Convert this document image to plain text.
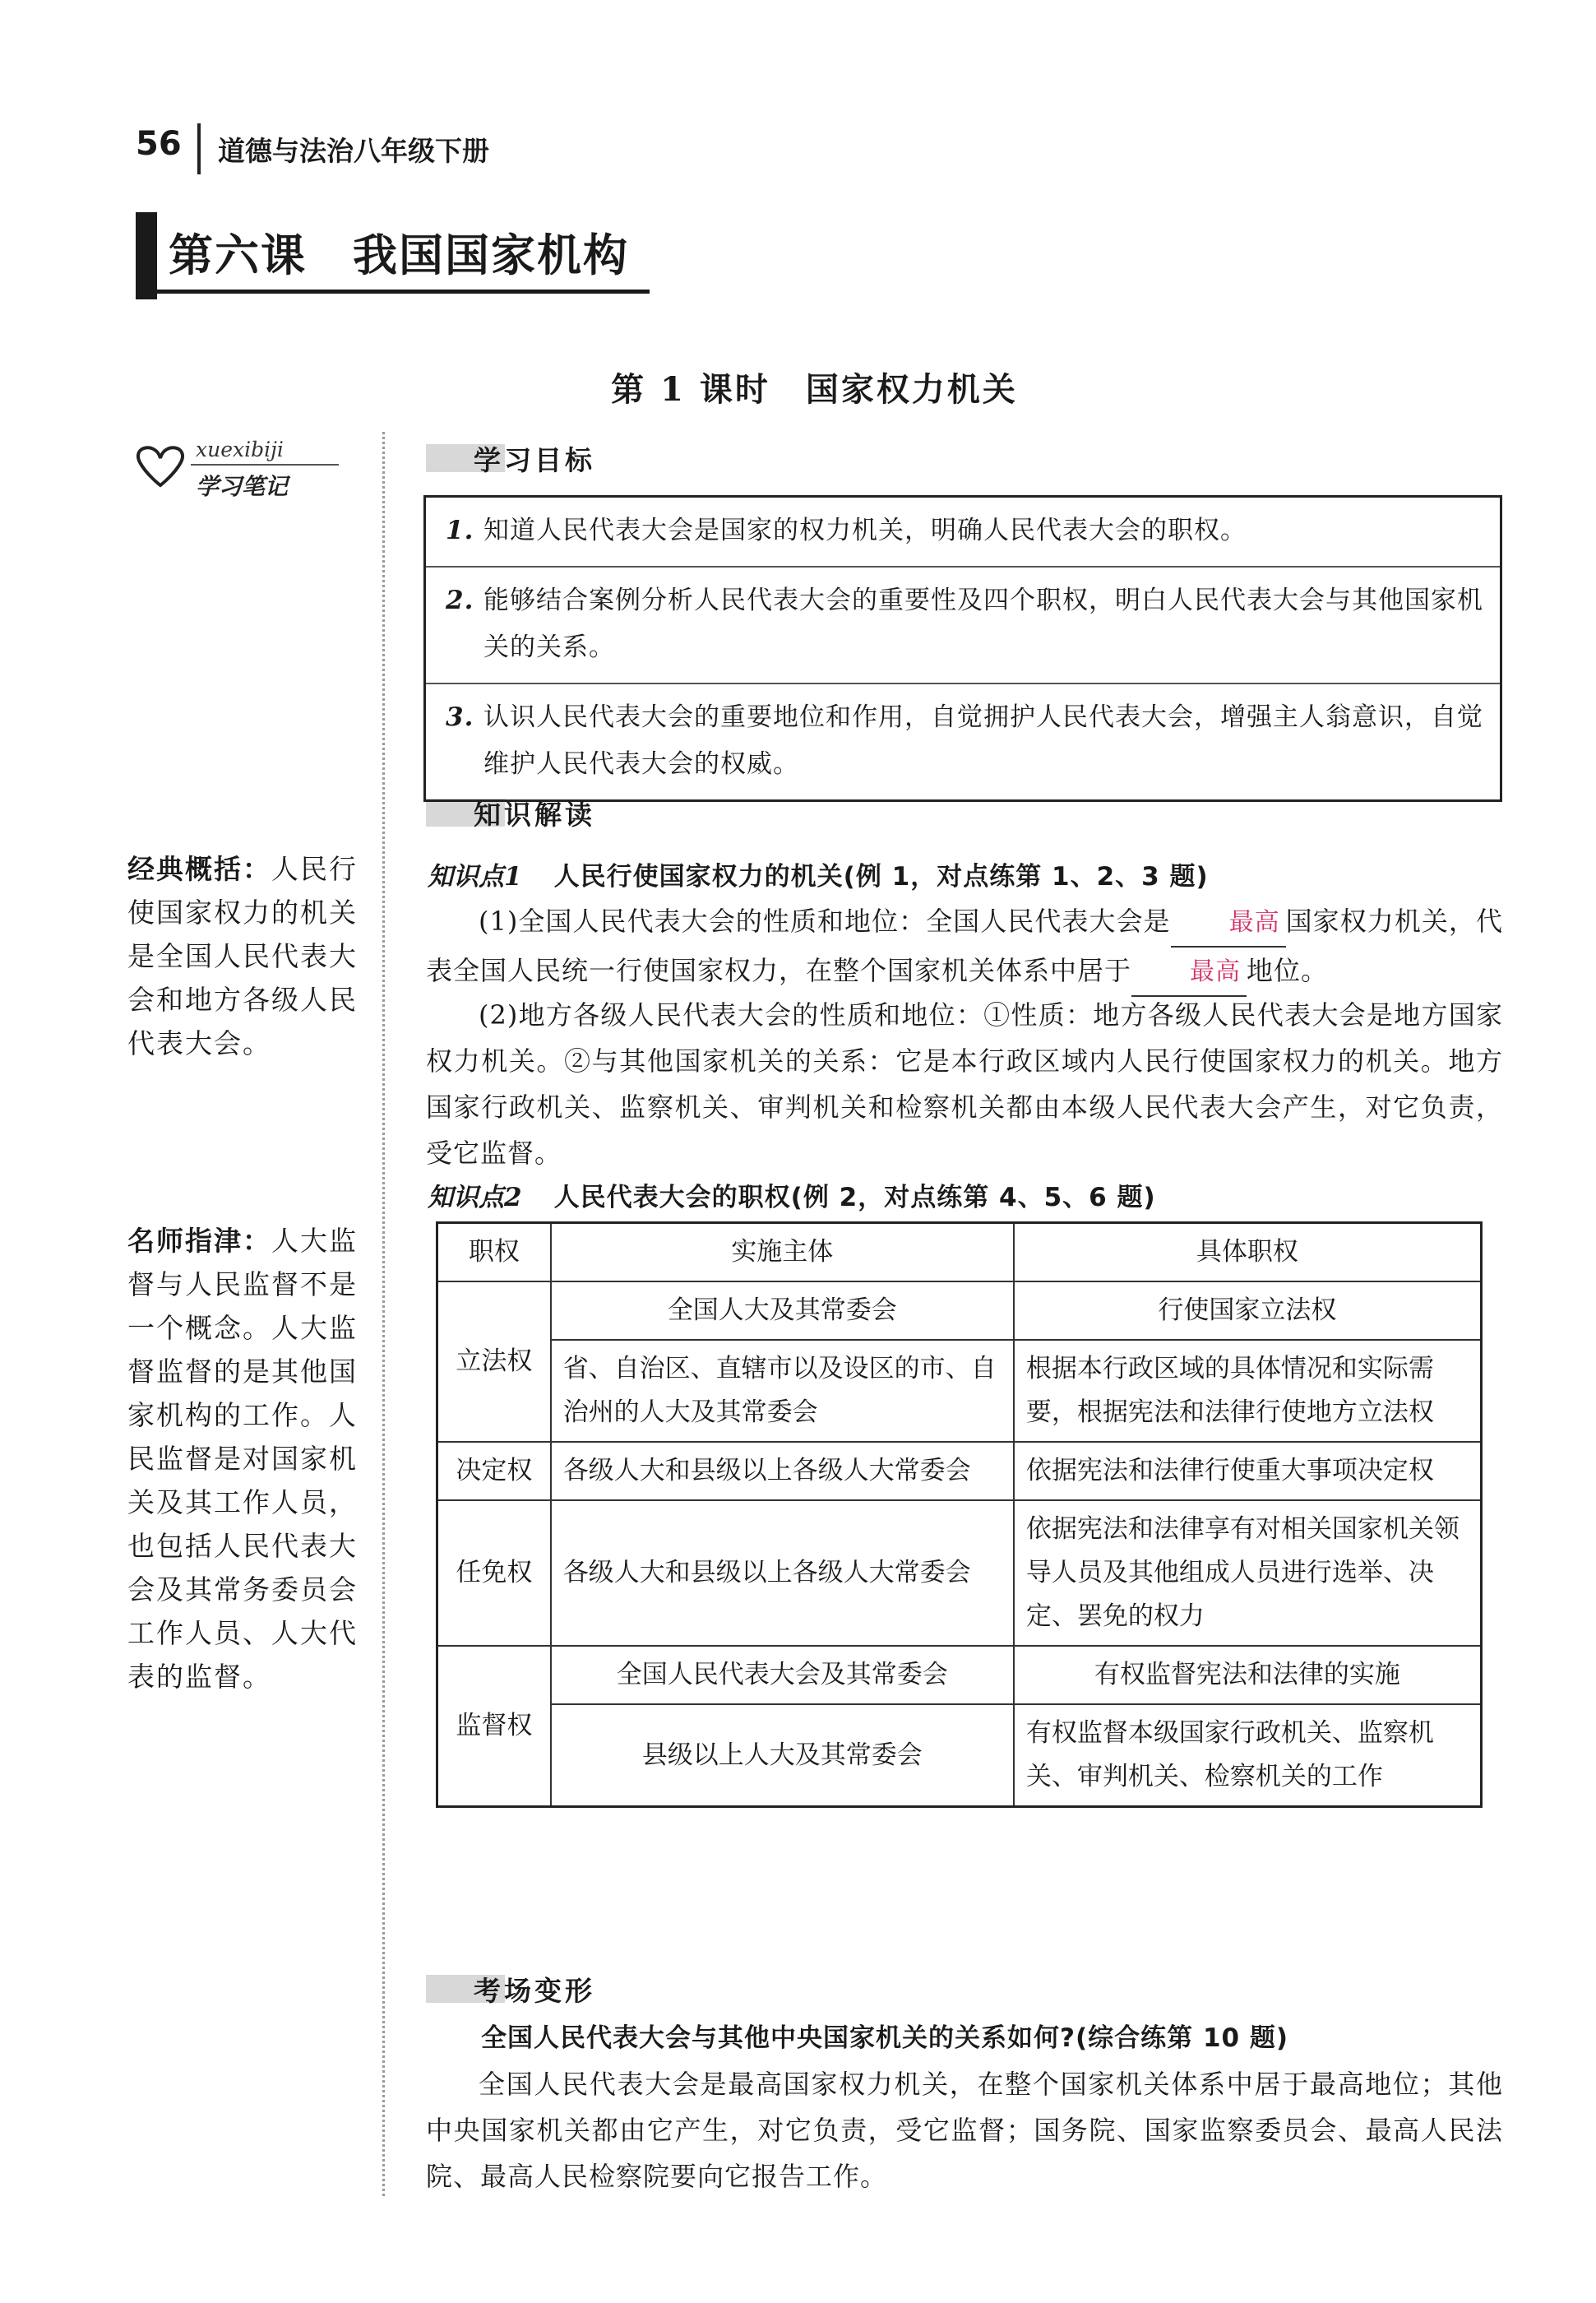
56 道德与法治八年级下册
第六课　我国国家机构
第 1 课时　国家权力机关
xuexibiji
学习笔记
经典概括：人民行使国家权力的机关是全国人民代表大会和地方各级人民代表大会。
名师指津：人大监督与人民监督不是一个概念。人大监督监督的是其他国家机构的工作。人民监督是对国家机关及其工作人员，也包括人民代表大会及其常务委员会工作人员、人大代表的监督。
学习目标
1. 知道人民代表大会是国家的权力机关，明确人民代表大会的职权。
2. 能够结合案例分析人民代表大会的重要性及四个职权，明白人民代表大会与其他国家机关的关系。
3. 认识人民代表大会的重要地位和作用，自觉拥护人民代表大会，增强主人翁意识，自觉维护人民代表大会的权威。
知识解读
知识点1 人民行使国家权力的机关(例 1，对点练第 1、2、3 题)
(1)全国人民代表大会的性质和地位：全国人民代表大会是 最高 国家权力机关，代表全国人民统一行使国家权力，在整个国家机关体系中居于 最高 地位。
(2)地方各级人民代表大会的性质和地位：①性质：地方各级人民代表大会是地方国家权力机关。②与其他国家机关的关系：它是本行政区域内人民行使国家权力的机关。地方国家行政机关、监察机关、审判机关和检察机关都由本级人民代表大会产生，对它负责，受它监督。
知识点2 人民代表大会的职权(例 2，对点练第 4、5、6 题)
职权	实施主体	具体职权
立法权	全国人大及其常委会	行使国家立法权
	省、自治区、直辖市以及设区的市、自治州的人大及其常委会	根据本行政区域的具体情况和实际需要，根据宪法和法律行使地方立法权
决定权	各级人大和县级以上各级人大常委会	依据宪法和法律行使重大事项决定权
任免权	各级人大和县级以上各级人大常委会	依据宪法和法律享有对相关国家机关领导人员及其他组成人员进行选举、决定、罢免的权力
监督权	全国人民代表大会及其常委会	有权监督宪法和法律的实施
	县级以上人大及其常委会	有权监督本级国家行政机关、监察机关、审判机关、检察机关的工作
考场变形
全国人民代表大会与其他中央国家机关的关系如何?(综合练第 10 题)
全国人民代表大会是最高国家权力机关，在整个国家机关体系中居于最高地位；其他中央国家机关都由它产生，对它负责，受它监督；国务院、国家监察委员会、最高人民法院、最高人民检察院要向它报告工作。
